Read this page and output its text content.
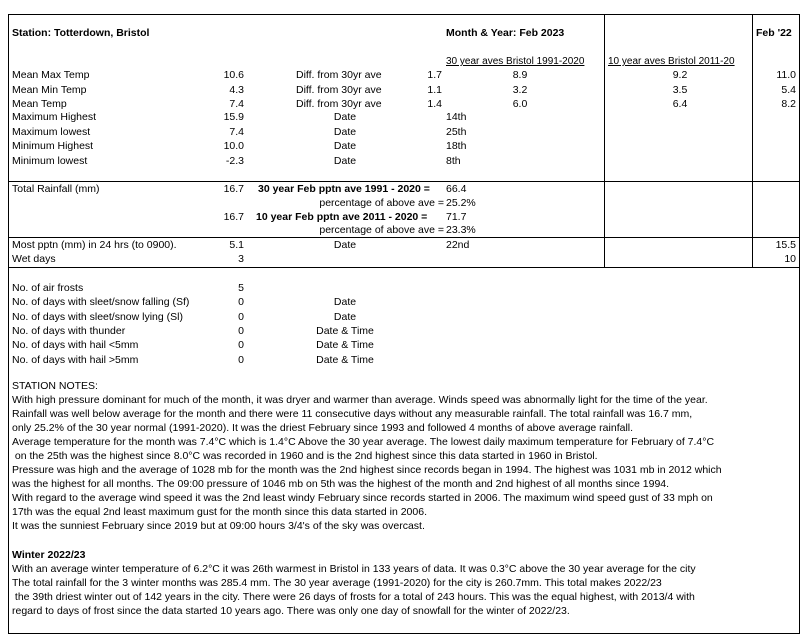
Station: Totterdown, Bristol	Month & Year: Feb 2023	Feb '22
30 year aves Bristol 1991-2020 10 year aves Bristol 2011-20
Mean Max Temp	10.6	Diff. from 30yr ave	1.7	8.9	9.2	11.0
Mean Min Temp	4.3	Diff. from 30yr ave	1.1	3.2	3.5	5.4
Mean Temp	7.4	Diff. from 30yr ave	1.4	6.0	6.4	8.2
Maximum Highest	15.9	Date	14th
Maximum lowest	7.4	Date	25th
Minimum Highest	10.0	Date	18th
Minimum lowest	-2.3	Date	8th
Total Rainfall (mm)	16.7 30 year Feb pptn ave 1991 - 2020 = 66.4
percentage of above ave = 25.2%
16.7 10 year Feb pptn ave 2011 - 2020 = 71.7
percentage of above ave = 23.3%
Most pptn (mm) in 24 hrs (to 0900).	5.1	Date	22nd	15.5
Wet days	3	10
No. of air frosts	5
No. of days with sleet/snow falling (Sf)	0	Date
No. of days with sleet/snow lying (Sl)	0	Date
No. of days with thunder	0	Date & Time
No. of days with hail <5mm	0	Date & Time
No. of days with hail >5mm	0	Date & Time
STATION NOTES:
With high pressure dominant for much of the month, it was dryer and warmer than average. Winds speed was abnormally light for the time of the year.
Rainfall was well below average for the month and there were 11 consecutive days without any measurable rainfall. The total rainfall was 16.7 mm,
only 25.2% of the 30 year normal (1991-2020). It was the driest February since 1993 and followed 4 months of above average rainfall.
Average temperature for the month was 7.4°C which is 1.4°C Above the 30 year average. The lowest daily maximum temperature for February of 7.4°C
on the 25th was the highest since 8.0°C was recorded in 1960 and is the 2nd highest since this data started in 1960 in Bristol.
Pressure was high and the average of 1028 mb for the month was the 2nd highest since records began in 1994. The highest was 1031 mb in 2012 which
was the highest for all months. The 09:00 pressure of 1046 mb on 5th was the highest of the month and 2nd highest of all months since 1994.
With regard to the average wind speed it was the 2nd least windy February since records started in 2006. The maximum wind speed gust of 33 mph on
17th was the equal 2nd least maximum gust for the month since this data started in 2006.
It was the sunniest February since 2019 but at 09:00 hours 3/4's of the sky was overcast.
Winter 2022/23
With an average winter temperature of 6.2°C it was 26th warmest in Bristol in 133 years of data. It was 0.3°C above the 30 year average for the city
The total rainfall for the 3 winter months was 285.4 mm. The 30 year average (1991-2020) for the city is 260.7mm. This total makes 2022/23
the 39th driest winter out of 142 years in the city. There were 26 days of frosts for a total of 243 hours. This was the equal highest, with 2013/4 with
regard to days of frost since the data started 10 years ago. There was only one day of snowfall for the winter of 2022/23.
